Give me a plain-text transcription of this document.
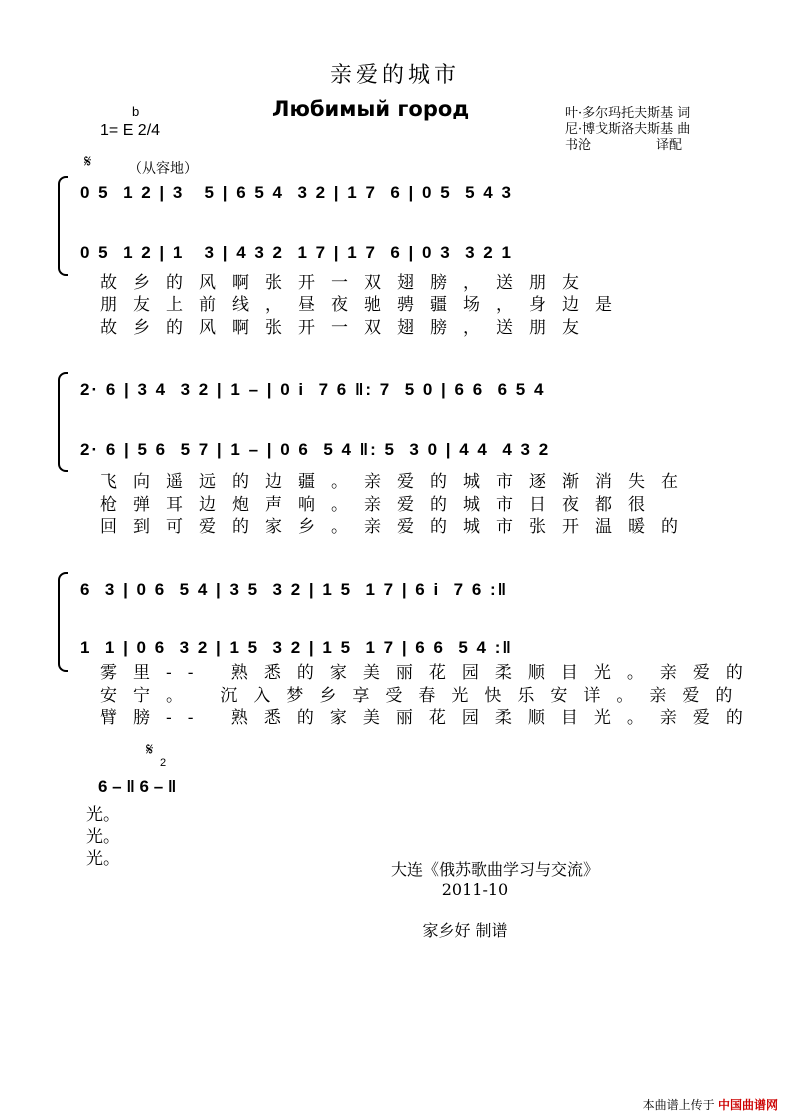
亲爱的城市
Любимый город
b
1= E 2/4
叶·多尔玛托夫斯基 词
尼·博戈斯洛夫斯基 曲
书沧　　　　　译配
𝄋	（从容地）
0 5  1 2 | 3   5 | 6 5 4  3 2 | 1 7  6 | 0 5  5 4 3
0 5  1 2 | 1   3 | 4 3 2  1 7 | 1 7  6 | 0 3  3 2 1
故乡的风啊张开一双翅膀，送朋友
朋友上前线，昼夜驰骋疆场，身边是
故乡的风啊张开一双翅膀，送朋友
2· 6 | 3 4  3 2 | 1 – | 0 i  7 6 ‖: 7  5 0 | 6 6  6 5 4
2· 6 | 5 6  5 7 | 1 – | 0 6  5 4 ‖: 5  3 0 | 4 4  4 3 2
飞向遥远的边疆。亲爱的城市逐渐消失在
枪弹耳边炮声响。亲爱的城市日夜都很
回到可爱的家乡。亲爱的城市张开温暖的
6  3 | 0 6  5 4 | 3 5  3 2 | 1 5  1 7 | 6 i  7 6 :‖
1  1 | 0 6  3 2 | 1 5  3 2 | 1 5  1 7 | 6 6  5 4 :‖
雾里-- 熟悉的家美丽花园柔顺目光。亲爱的
安宁。 沉入梦乡享受春光快乐安详。亲爱的
臂膀-- 熟悉的家美丽花园柔顺目光。亲爱的
𝄋
2
6 – ‖ 6 – ‖
光。
光。
光。
大连《俄苏歌曲学习与交流》
2011-10
家乡好 制谱
本曲谱上传于 中国曲谱网
